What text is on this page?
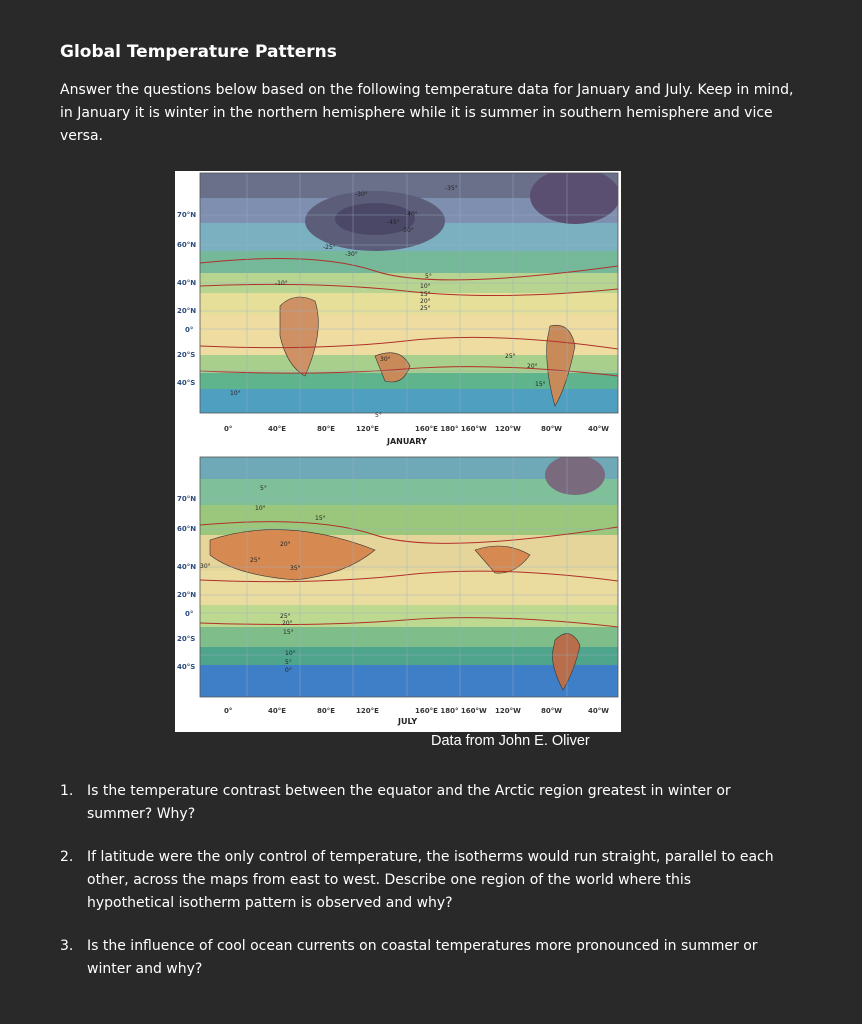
Global Temperature Patterns

Answer the questions below based on the following temperature data for January and July. Keep in mind, in January it is winter in the northern hemisphere while it is summer in southern hemisphere and vice versa.

70°N
60°N
40°N
20°N
0°
20°S
40°S
0°	40°E	80°E	120°E	160°E 180° 160°W 120°W	80°W	40°W
JANUARY
-30°
-35°
-40°
-45°
-50°
-25°
-30°
-10°
5°
10°
15°
20°
25°
30°	25°
20°
15°
10°
5°
70°N
60°N
40°N
20°N
0°
20°S
40°S
0°	40°E	80°E	120°E	160°E 180° 160°W 120°W	80°W	40°W
JULY
5°
10°
15°
20°
25°
30°	35°
25°
20°
15°
10°
5°
0°
Data from John E. Oliver
1. Is the temperature contrast between the equator and the Arctic region greatest in winter or summer? Why?
2. If latitude were the only control of temperature, the isotherms would run straight, parallel to each other, across the maps from east to west. Describe one region of the world where this hypothetical isotherm pattern is observed and why?
3. Is the influence of cool ocean currents on coastal temperatures more pronounced in summer or winter and why?
